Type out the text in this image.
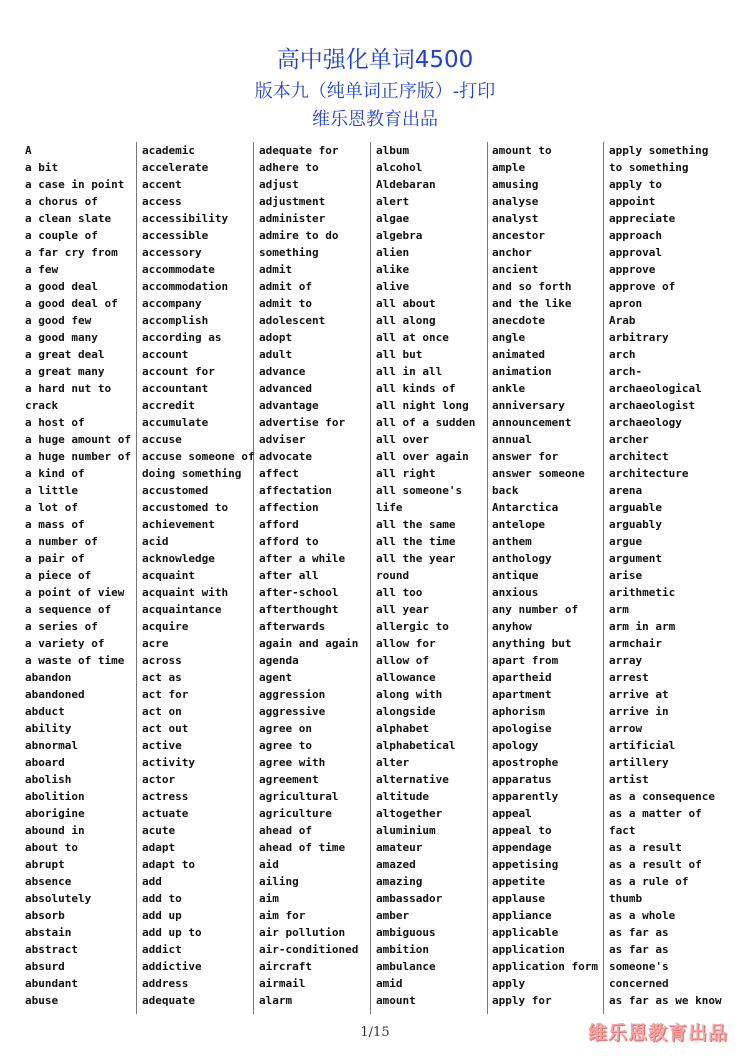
高中强化单词4500
版本九（纯单词正序版）-打印
维乐恩教育出品
A
a bit
a case in point
a chorus of
a clean slate
a couple of
a far cry from
a few
a good deal
a good deal of
a good few
a good many
a great deal
a great many
a hard nut to
crack
a host of
a huge amount of
a huge number of
a kind of
a little
a lot of
a mass of
a number of
a pair of
a piece of
a point of view
a sequence of
a series of
a variety of
a waste of time
abandon
abandoned
abduct
ability
abnormal
aboard
abolish
abolition
aborigine
abound in
about to
abrupt
absence
absolutely
absorb
abstain
abstract
absurd
abundant
abuse
academic
accelerate
accent
access
accessibility
accessible
accessory
accommodate
accommodation
accompany
accomplish
according as
account
account for
accountant
accredit
accumulate
accuse
accuse someone of
doing something
accustomed
accustomed to
achievement
acid
acknowledge
acquaint
acquaint with
acquaintance
acquire
acre
across
act as
act for
act on
act out
active
activity
actor
actress
actuate
acute
adapt
adapt to
add
add to
add up
add up to
addict
addictive
address
adequate
adequate for
adhere to
adjust
adjustment
administer
admire to do
something
admit
admit of
admit to
adolescent
adopt
adult
advance
advanced
advantage
advertise for
adviser
advocate
affect
affectation
affection
afford
afford to
after a while
after all
after-school
afterthought
afterwards
again and again
agenda
agent
aggression
aggressive
agree on
agree to
agree with
agreement
agricultural
agriculture
ahead of
ahead of time
aid
ailing
aim
aim for
air pollution
air-conditioned
aircraft
airmail
alarm
album
alcohol
Aldebaran
alert
algae
algebra
alien
alike
alive
all about
all along
all at once
all but
all in all
all kinds of
all night long
all of a sudden
all over
all over again
all right
all someone's
life
all the same
all the time
all the year
round
all too
all year
allergic to
allow for
allow of
allowance
along with
alongside
alphabet
alphabetical
alter
alternative
altitude
altogether
aluminium
amateur
amazed
amazing
ambassador
amber
ambiguous
ambition
ambulance
amid
amount
amount to
ample
amusing
analyse
analyst
ancestor
anchor
ancient
and so forth
and the like
anecdote
angle
animated
animation
ankle
anniversary
announcement
annual
answer for
answer someone
back
Antarctica
antelope
anthem
anthology
antique
anxious
any number of
anyhow
anything but
apart from
apartheid
apartment
aphorism
apologise
apology
apostrophe
apparatus
apparently
appeal
appeal to
appendage
appetising
appetite
applause
appliance
applicable
application
application form
apply
apply for
apply something
to something
apply to
appoint
appreciate
approach
approval
approve
approve of
apron
Arab
arbitrary
arch
arch-
archaeological
archaeologist
archaeology
archer
architect
architecture
arena
arguable
arguably
argue
argument
arise
arithmetic
arm
arm in arm
armchair
array
arrest
arrive at
arrive in
arrow
artificial
artillery
artist
as a consequence
as a matter of
fact
as a result
as a result of
as a rule of
thumb
as a whole
as far as
as far as
someone's
concerned
as far as we know
1/15	维乐恩教育出品
